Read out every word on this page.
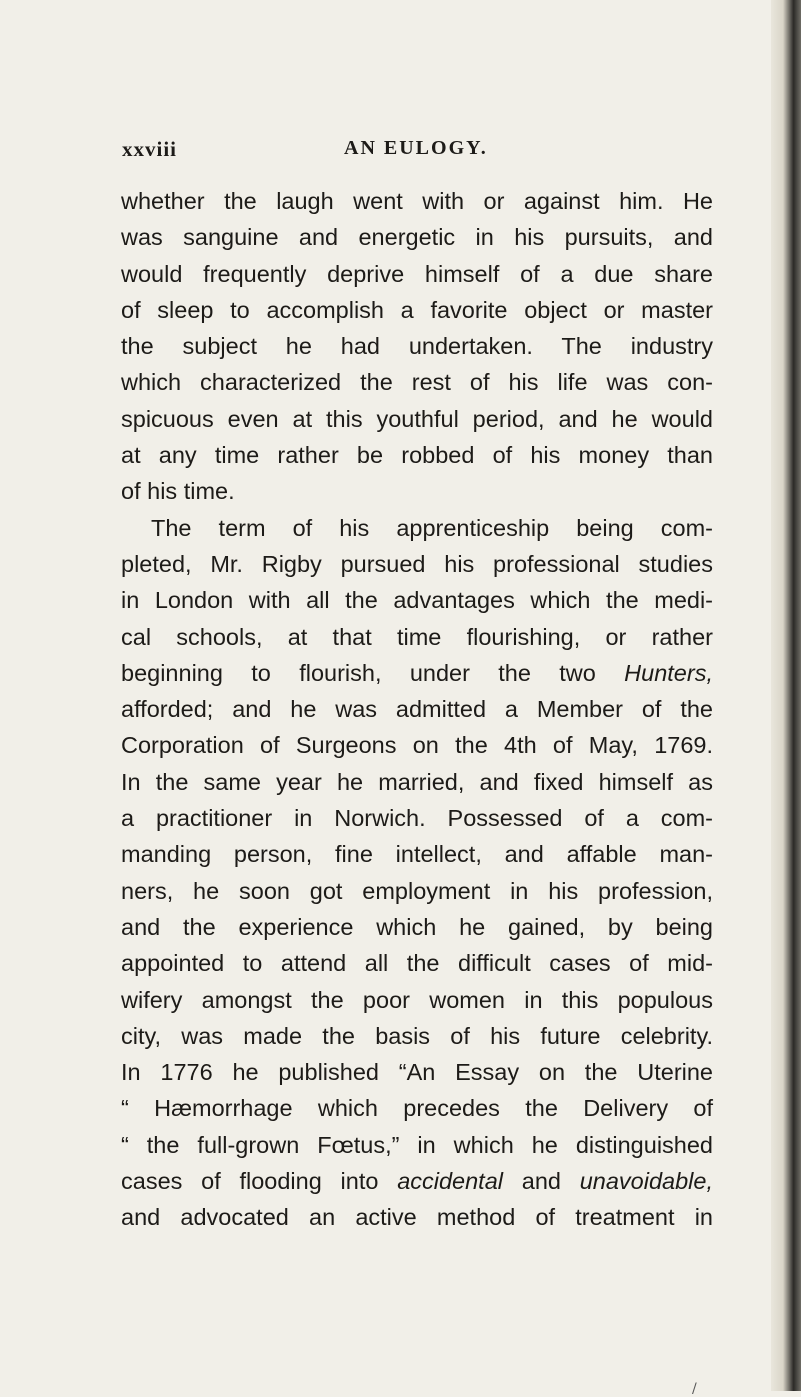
xxviii	AN EULOGY.
whether the laugh went with or against him. He
was sanguine and energetic in his pursuits, and
would frequently deprive himself of a due share
of sleep to accomplish a favorite object or master
the subject he had undertaken. The industry
which characterized the rest of his life was con-
spicuous even at this youthful period, and he would
at any time rather be robbed of his money than
of his time.
The term of his apprenticeship being com-
pleted, Mr. Rigby pursued his professional studies
in London with all the advantages which the medi-
cal schools, at that time flourishing, or rather
beginning to flourish, under the two Hunters,
afforded; and he was admitted a Member of the
Corporation of Surgeons on the 4th of May, 1769.
In the same year he married, and fixed himself as
a practitioner in Norwich. Possessed of a com-
manding person, fine intellect, and affable man-
ners, he soon got employment in his profession,
and the experience which he gained, by being
appointed to attend all the difficult cases of mid-
wifery amongst the poor women in this populous
city, was made the basis of his future celebrity.
In 1776 he published “An Essay on the Uterine
“ Hæmorrhage which precedes the Delivery of
“ the full-grown Fœtus,” in which he distinguished
cases of flooding into accidental and unavoidable,
and advocated an active method of treatment in
/
